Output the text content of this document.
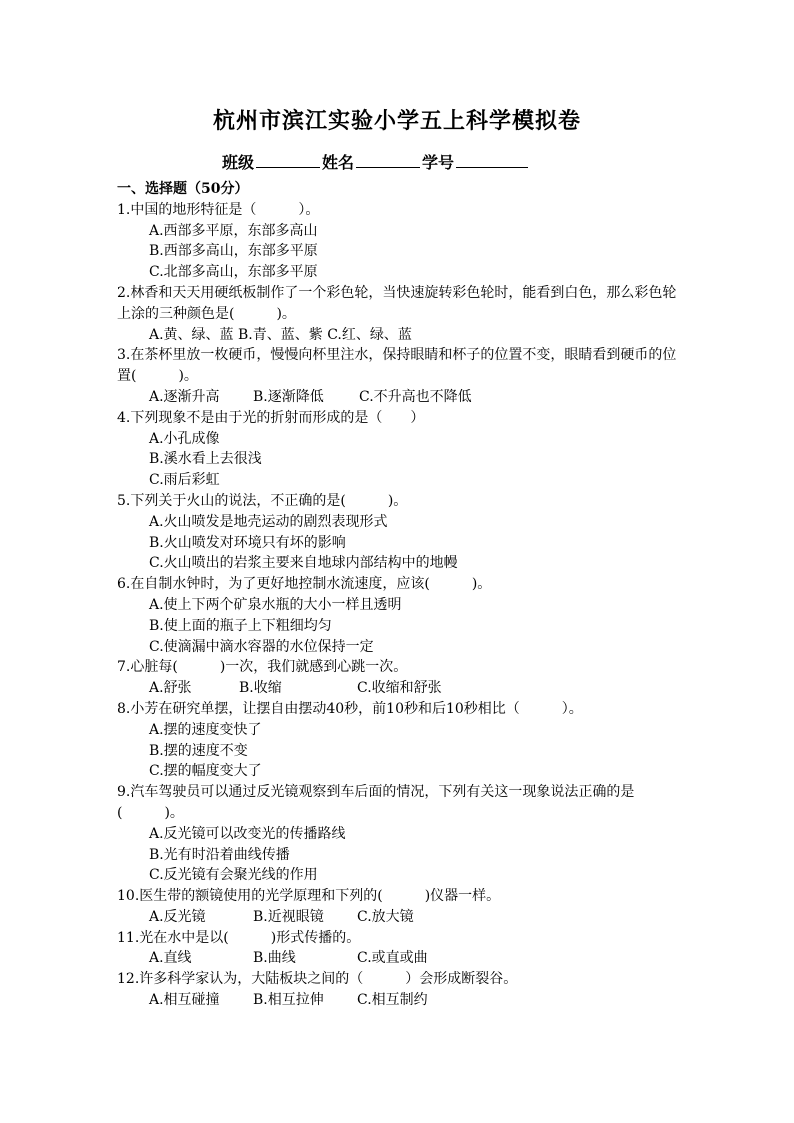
杭州市滨江实验小学五上科学模拟卷
班级	姓名	学号
一、选择题（50分）

1.中国的地形特征是（　　　）。

A.西部多平原，东部多高山

B.西部多高山，东部多平原

C.北部多高山，东部多平原

2.林香和天天用硬纸板制作了一个彩色轮，当快速旋转彩色轮时，能看到白色，那么彩色轮上涂的三种颜色是(　　　)。

A.黄、绿、蓝 B.青、蓝、紫 C.红、绿、蓝

3.在茶杯里放一枚硬币，慢慢向杯里注水，保持眼睛和杯子的位置不变，眼睛看到硬币的位置(　　　)。

A.逐渐升高 B.逐渐降低	C.不升高也不降低

4.下列现象不是由于光的折射而形成的是（　　）

A.小孔成像

B.溪水看上去很浅

C.雨后彩虹

5.下列关于火山的说法，不正确的是(　　　)。

A.火山喷发是地壳运动的剧烈表现形式

B.火山喷发对环境只有坏的影响

C.火山喷出的岩浆主要来自地球内部结构中的地幔

6.在自制水钟时，为了更好地控制水流速度，应该(　　　)。

A.使上下两个矿泉水瓶的大小一样且透明

B.使上面的瓶子上下粗细均匀

C.使滴漏中滴水容器的水位保持一定

7.心脏每(　　　)一次，我们就感到心跳一次。

A.舒张	B.收缩	C.收缩和舒张

8.小芳在研究单摆，让摆自由摆动40秒，前10秒和后10秒相比（　　　）。

A.摆的速度变快了

B.摆的速度不变

C.摆的幅度变大了

9.汽车驾驶员可以通过反光镜观察到车后面的情况，下列有关这一现象说法正确的是(　　　)。

A.反光镜可以改变光的传播路线

B.光有时沿着曲线传播

C.反光镜有会聚光线的作用

10.医生带的额镜使用的光学原理和下列的(　　　)仪器一样。

A.反光镜	B.近视眼镜 C.放大镜

11.光在水中是以(　　　)形式传播的。

A.直线	B.曲线	C.或直或曲

12.许多科学家认为，大陆板块之间的（　　　）会形成断裂谷。

A.相互碰撞 B.相互拉伸 C.相互制约
